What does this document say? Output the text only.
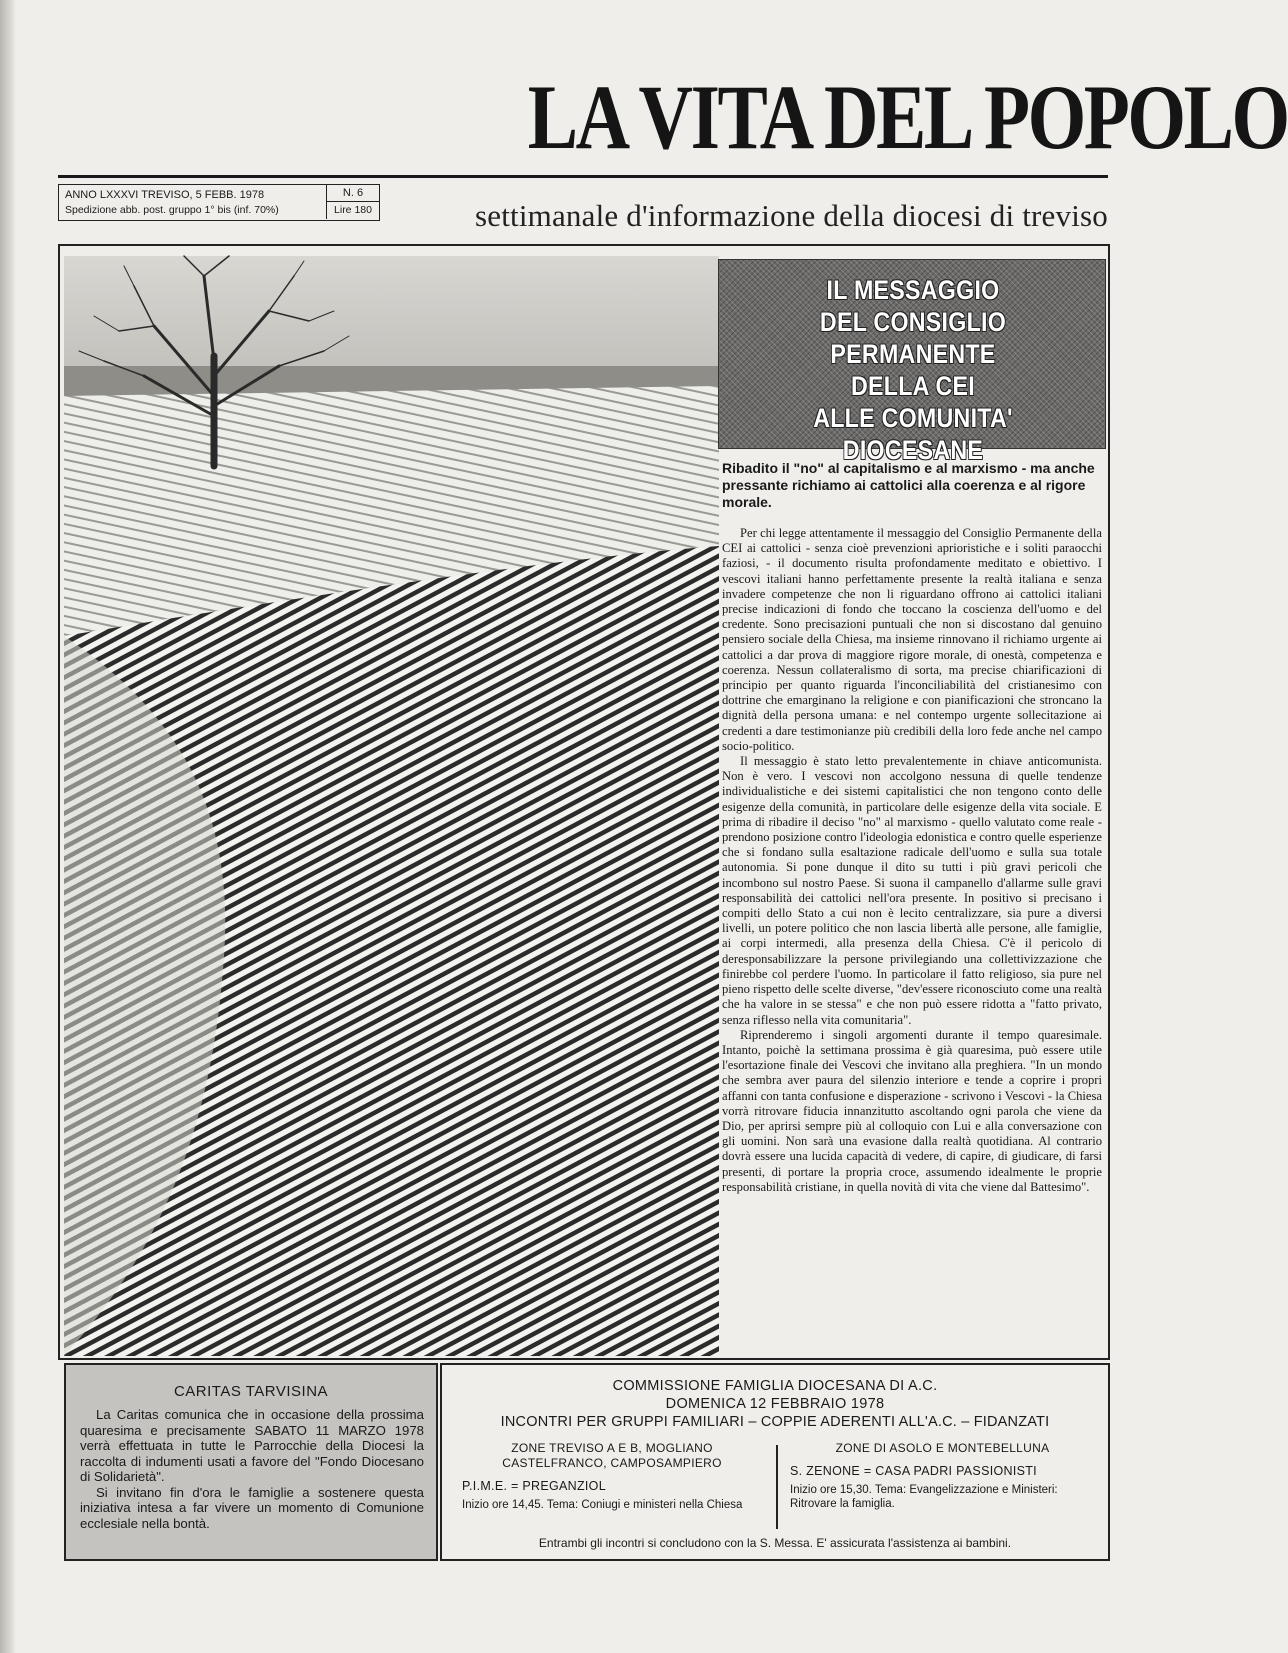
LA VITA DEL POPOLO
ANNO LXXXVI TREVISO, 5 FEBB. 1978
Spedizione abb. post. gruppo 1° bis (inf. 70%)
N. 6
Lire 180	settimanale d'informazione della diocesi di treviso
IL MESSAGGIO
DEL CONSIGLIO
PERMANENTE
DELLA CEI
ALLE COMUNITA' DIOCESANE
Ribadito il "no" al capitalismo e al marxismo - ma anche pressante richiamo ai cattolici alla coerenza e al rigore morale.

Per chi legge attentamente il messaggio del Consiglio Permanente della CEI ai cattolici - senza cioè prevenzioni aprioristiche e i soliti paraocchi faziosi, - il documento risulta profondamente meditato e obiettivo. I vescovi italiani hanno perfettamente presente la realtà italiana e senza invadere competenze che non li riguardano offrono ai cattolici italiani precise indicazioni di fondo che toccano la coscienza dell'uomo e del credente. Sono precisazioni puntuali che non si discostano dal genuino pensiero sociale della Chiesa, ma insieme rinnovano il richiamo urgente ai cattolici a dar prova di maggiore rigore morale, di onestà, competenza e coerenza. Nessun collateralismo di sorta, ma precise chiarificazioni di principio per quanto riguarda l'inconciliabilità del cristianesimo con dottrine che emarginano la religione e con pianificazioni che stroncano la dignità della persona umana: e nel contempo urgente sollecitazione ai credenti a dare testimonianze più credibili della loro fede anche nel campo socio-politico.

Il messaggio è stato letto prevalentemente in chiave anticomunista. Non è vero. I vescovi non accolgono nessuna di quelle tendenze individualistiche e dei sistemi capitalistici che non tengono conto delle esigenze della comunità, in particolare delle esigenze della vita sociale. E prima di ribadire il deciso "no" al marxismo - quello valutato come reale - prendono posizione contro l'ideologia edonistica e contro quelle esperienze che si fondano sulla esaltazione radicale dell'uomo e sulla sua totale autonomia. Si pone dunque il dito su tutti i più gravi pericoli che incombono sul nostro Paese. Si suona il campanello d'allarme sulle gravi responsabilità dei cattolici nell'ora presente. In positivo si precisano i compiti dello Stato a cui non è lecito centralizzare, sia pure a diversi livelli, un potere politico che non lascia libertà alle persone, alle famiglie, ai corpi intermedi, alla presenza della Chiesa. C'è il pericolo di deresponsabilizzare la persone privilegiando una collettivizzazione che finirebbe col perdere l'uomo. In particolare il fatto religioso, sia pure nel pieno rispetto delle scelte diverse, "dev'essere riconosciuto come una realtà che ha valore in se stessa" e che non può essere ridotta a "fatto privato, senza riflesso nella vita comunitaria".

Riprenderemo i singoli argomenti durante il tempo quaresimale. Intanto, poichè la settimana prossima è già quaresima, può essere utile l'esortazione finale dei Vescovi che invitano alla preghiera. "In un mondo che sembra aver paura del silenzio interiore e tende a coprire i propri affanni con tanta confusione e disperazione - scrivono i Vescovi - la Chiesa vorrà ritrovare fiducia innanzitutto ascoltando ogni parola che viene da Dio, per aprirsi sempre più al colloquio con Lui e alla conversazione con gli uomini. Non sarà una evasione dalla realtà quotidiana. Al contrario dovrà essere una lucida capacità di vedere, di capire, di giudicare, di farsi presenti, di portare la propria croce, assumendo idealmente le proprie responsabilità cristiane, in quella novità di vita che viene dal Battesimo".

CARITAS TARVISINA

La Caritas comunica che in occasione della prossima quaresima e precisamente SABATO 11 MARZO 1978 verrà effettuata in tutte le Parrocchie della Diocesi la raccolta di indumenti usati a favore del "Fondo Diocesano di Solidarietà".

Si invitano fin d'ora le famiglie a sostenere questa iniziativa intesa a far vivere un momento di Comunione ecclesiale nella bontà.

COMMISSIONE FAMIGLIA DIOCESANA DI A.C.
DOMENICA 12 FEBBRAIO 1978
INCONTRI PER GRUPPI FAMILIARI – COPPIE ADERENTI ALL'A.C. – FIDANZATI
ZONE TREVISO A E B, MOGLIANO CASTELFRANCO, CAMPOSAMPIERO
P.I.M.E. = PREGANZIOL
Inizio ore 14,45. Tema: Coniugi e ministeri nella Chiesa
ZONE DI ASOLO E MONTEBELLUNA
S. ZENONE = CASA PADRI PASSIONISTI
Inizio ore 15,30. Tema: Evangelizzazione e Ministeri: Ritrovare la famiglia.
Entrambi gli incontri si concludono con la S. Messa. E' assicurata l'assistenza ai bambini.
